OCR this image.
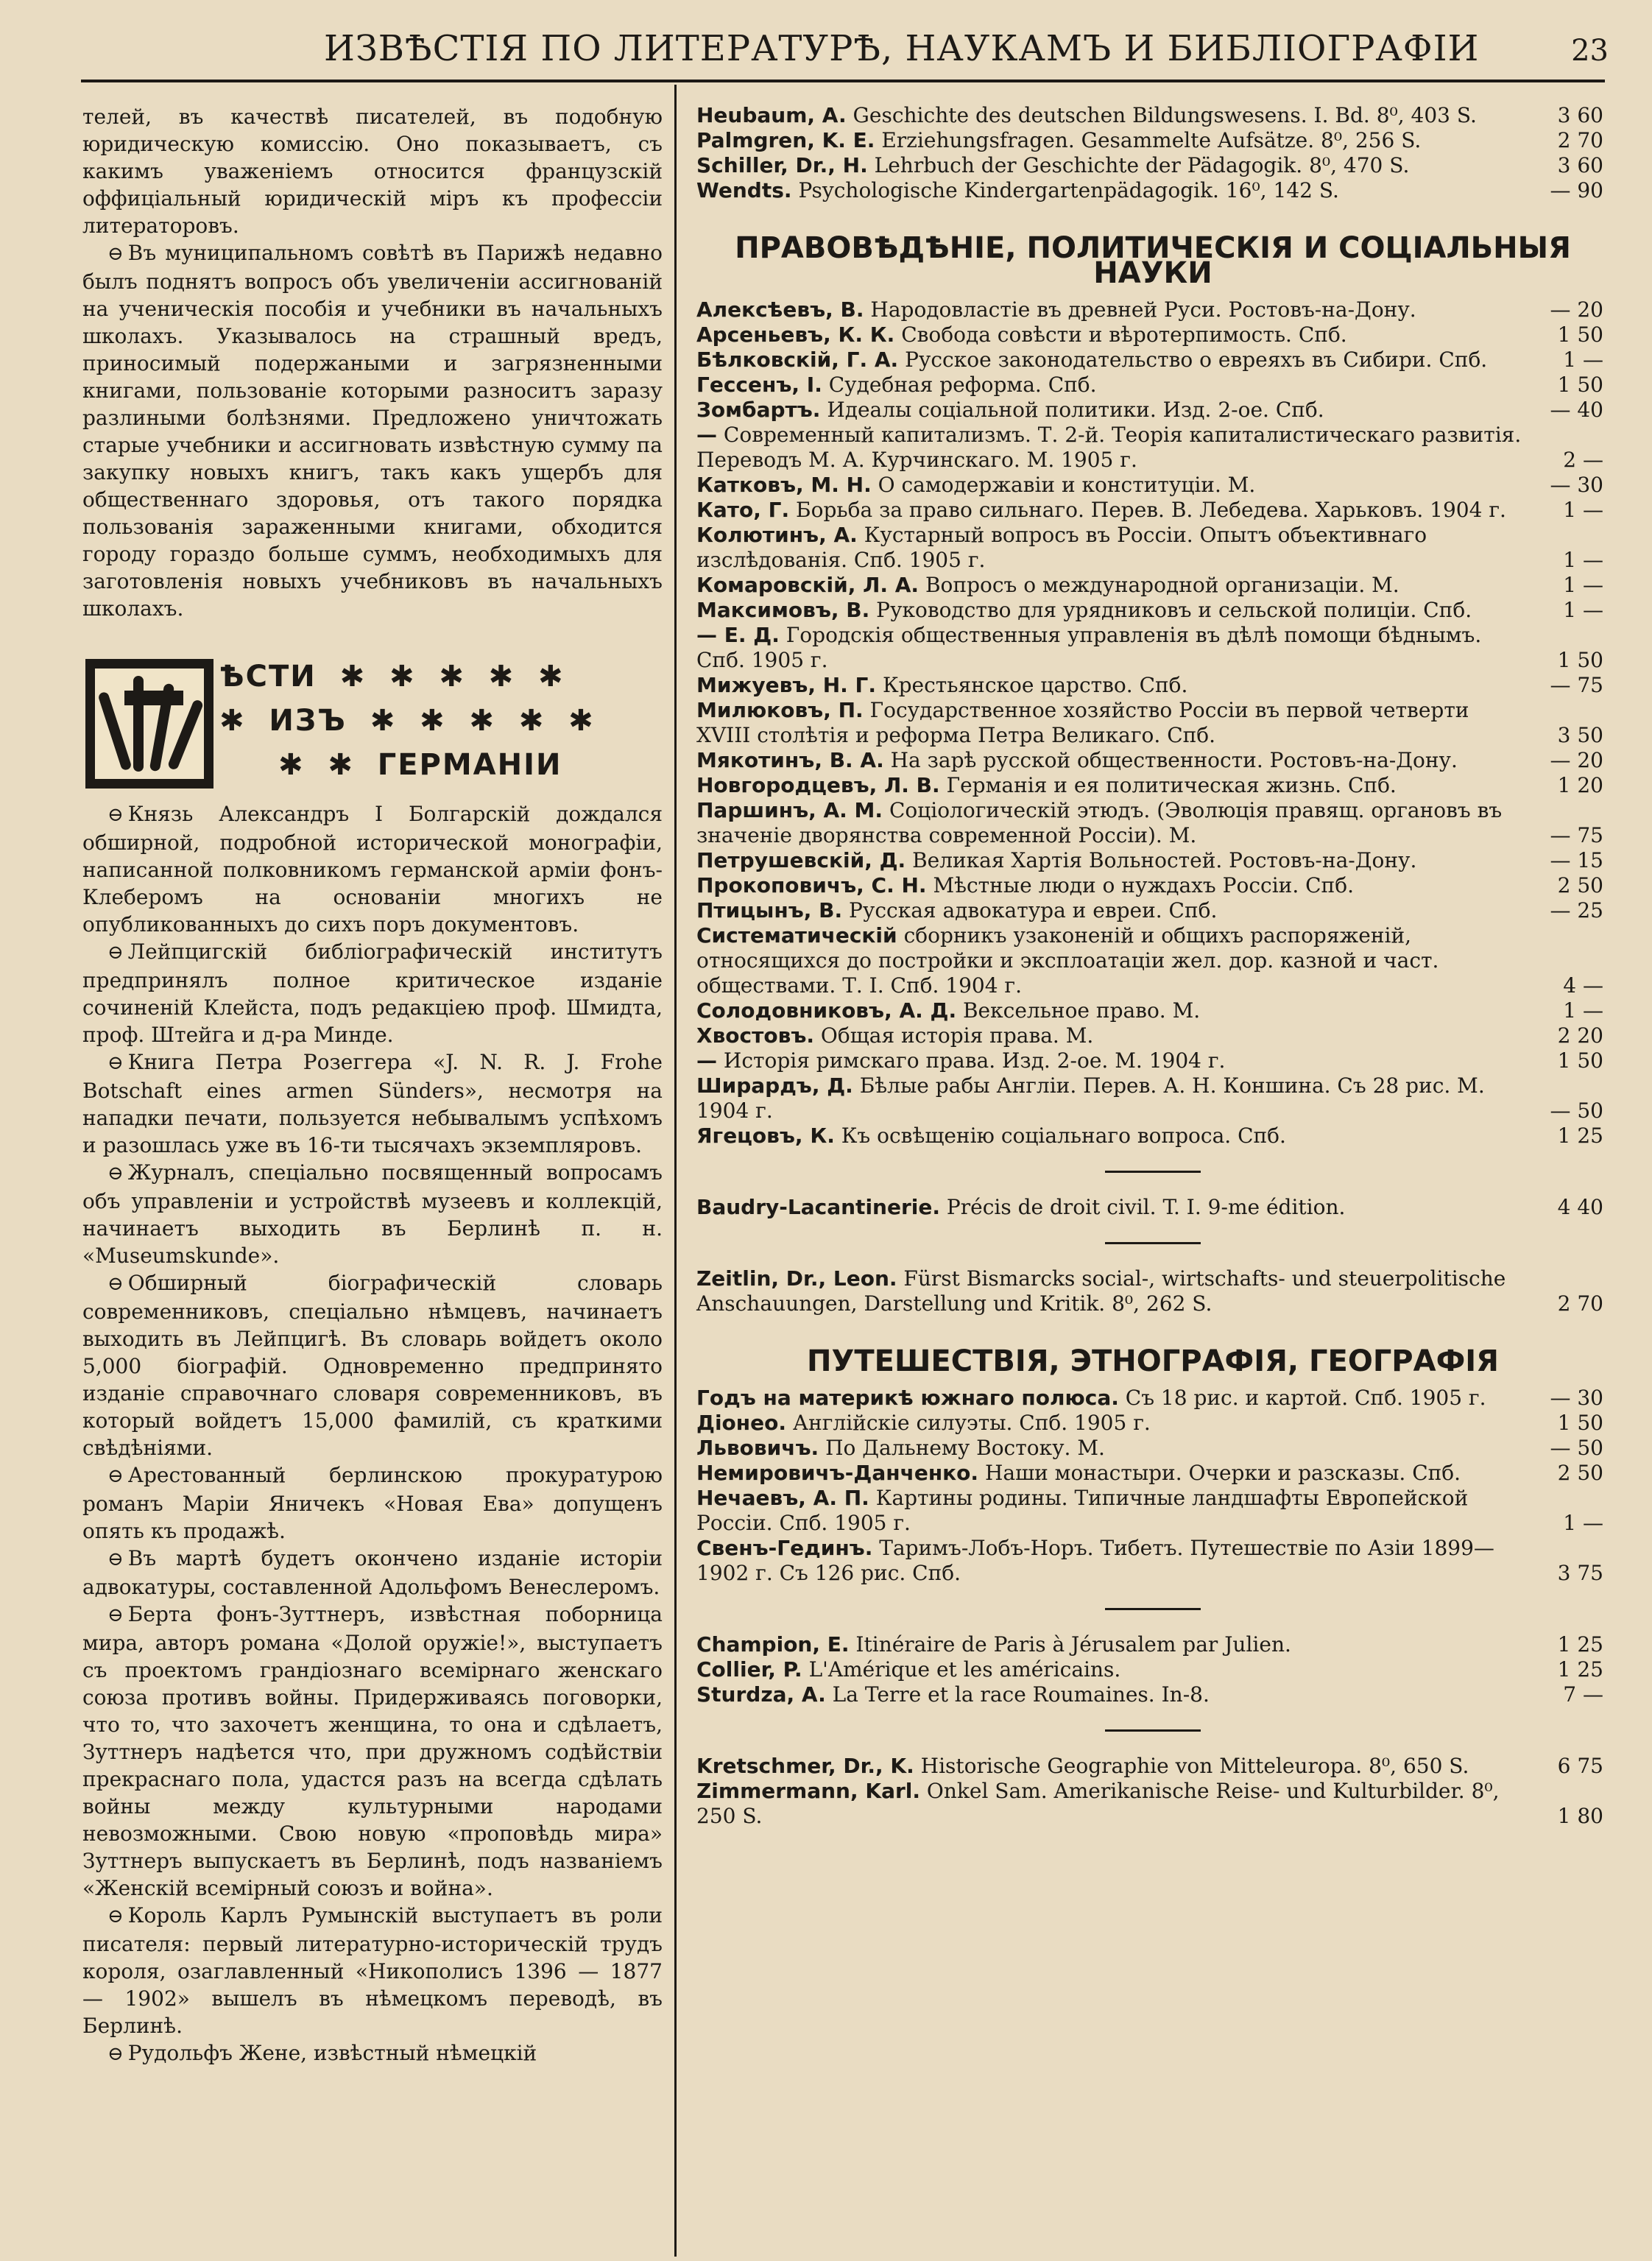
ИЗВѢСТІЯ ПО ЛИТЕРАТУРѢ, НАУКАМЪ И БИБЛІОГРАФІИ	23

телей, въ качествѣ писателей, въ подобную юридическую комиссію. Оно показываетъ, съ какимъ уваженіемъ относится французскій оффиціальный юридическій міръ къ профессіи литераторовъ.

⊖ Въ муниципальномъ совѣтѣ въ Парижѣ недавно былъ поднятъ вопросъ объ увеличеніи ассигнованій на ученическія пособія и учебники въ начальныхъ школахъ. Указывалось на страшный вредъ, приносимый подержаными и загрязненными книгами, пользованіе которыми разноситъ заразу разлиными болѣзнями. Предложено уничтожать старые учебники и ассигновать извѣстную сумму па закупку новыхъ книгъ, такъ какъ ущербъ для общественнаго здоровья, отъ такого порядка пользованія зараженными книгами, обходится городу гораздо больше суммъ, необходимыхъ для заготовленія новыхъ учебниковъ въ начальныхъ школахъ.

ѢСТИ  ✱  ✱  ✱  ✱  ✱
✱  ИЗЪ  ✱  ✱  ✱  ✱  ✱
✱  ✱  ГЕРМАНІИ

⊖ Князь Александръ I Болгарскій дождался обширной, подробной исторической монографіи, написанной полковникомъ германской арміи фонъ-Клеберомъ на основаніи многихъ не опубликованныхъ до сихъ поръ документовъ.

⊖ Лейпцигскій библіографическій институтъ предпринялъ полное критическое изданіе сочиненій Клейста, подъ редакціею проф. Шмидта, проф. Штейга и д-ра Минде.

⊖ Книга Петра Розеггера «J. N. R. J. Frohe Botschaft eines armen Sünders», несмотря на нападки печати, пользуется небывалымъ успѣхомъ и разошлась уже въ 16-ти тысячахъ экземпляровъ.

⊖ Журналъ, спеціально посвященный вопросамъ объ управленіи и устройствѣ музеевъ и коллекцій, начинаетъ выходить въ Берлинѣ п. н. «Museumskunde».

⊖ Обширный біографическій словарь современниковъ, спеціально нѣмцевъ, начинаетъ выходить въ Лейпцигѣ. Въ словарь войдетъ около 5,000 біографій. Одновременно предпринято изданіе справочнаго словаря современниковъ, въ который войдетъ 15,000 фамилій, съ краткими свѣдѣніями.

⊖ Арестованный берлинскою прокуратурою романъ Маріи Яничекъ «Новая Ева» допущенъ опять къ продажѣ.

⊖ Въ мартѣ будетъ окончено изданіе исторіи адвокатуры, составленной Адольфомъ Венеслеромъ.

⊖ Берта фонъ-Зуттнеръ, извѣстная поборница мира, авторъ романа «Долой оружіе!», выступаетъ съ проектомъ грандіознаго всемірнаго женскаго союза противъ войны. Придерживаясь поговорки, что то, что захочетъ женщина, то она и сдѣлаетъ, Зуттнеръ надѣется что, при дружномъ содѣйствіи прекраснаго пола, удастся разъ на всегда сдѣлать войны между культурными народами невозможными. Свою новую «проповѣдь мира» Зуттнеръ выпускаетъ въ Берлинѣ, подъ названіемъ «Женскій всемірный союзъ и война».

⊖ Король Карлъ Румынскій выступаетъ въ роли писателя: первый литературно-историческій трудъ короля, озаглавленный «Никополисъ 1396 — 1877 — 1902» вышелъ въ нѣмецкомъ переводѣ, въ Берлинѣ.

⊖ Рудольфъ Жене, извѣстный нѣмецкій

Heubaum, A. Geschichte des deutschen Bildungswesens. I. Bd. 8⁰, 403 S.	3 60
Palmgren, K. E. Erziehungsfragen. Gesammelte Aufsätze. 8⁰, 256 S.	2 70
Schiller, Dr., H. Lehrbuch der Geschichte der Pädagogik. 8⁰, 470 S.	3 60
Wendts. Psychologische Kindergartenpädagogik. 16⁰, 142 S.	— 90
ПРАВОВѢДѢНІЕ, ПОЛИТИЧЕСКІЯ И СОЦІАЛЬНЫЯ НАУКИ
Алексѣевъ, В. Народовластіе въ древней Руси. Ростовъ-на-Дону.	— 20
Арсеньевъ, К. К. Свобода совѣсти и вѣротерпимость. Спб.	1 50
Бѣлковскій, Г. А. Русское законодательство о евреяхъ въ Сибири. Спб.	1 —
Гессенъ, І. Судебная реформа. Спб.	1 50
Зомбартъ. Идеалы соціальной политики. Изд. 2-ое. Спб.	— 40
— Современный капитализмъ. Т. 2-й. Теорія капиталистическаго развитія. Переводъ М. А. Курчинскаго. М. 1905 г.	2 —
Катковъ, М. Н. О самодержавіи и конституціи. М.	— 30
Като, Г. Борьба за право сильнаго. Перев. В. Лебедева. Харьковъ. 1904 г.	1 —
Колютинъ, А. Кустарный вопросъ въ Россіи. Опытъ объективнаго изслѣдованія. Спб. 1905 г.	1 —
Комаровскій, Л. А. Вопросъ о международной организаціи. М.	1 —
Максимовъ, В. Руководство для урядниковъ и сельской полиціи. Спб.	1 —
— Е. Д. Городскія общественныя управленія въ дѣлѣ помощи бѣднымъ. Спб. 1905 г.	1 50
Мижуевъ, Н. Г. Крестьянское царство. Спб.	— 75
Милюковъ, П. Государственное хозяйство Россіи въ первой четверти XVIII столѣтія и реформа Петра Великаго. Спб.	3 50
Мякотинъ, В. А. На зарѣ русской общественности. Ростовъ-на-Дону.	— 20
Новгородцевъ, Л. В. Германія и ея политическая жизнь. Спб.	1 20
Паршинъ, А. М. Соціологическій этюдъ. (Эволюція правящ. органовъ въ значеніе дворянства современной Россіи). М.	— 75
Петрушевскій, Д. Великая Хартія Вольностей. Ростовъ-на-Дону.	— 15
Прокоповичъ, С. Н. Мѣстные люди о нуждахъ Россіи. Спб.	2 50
Птицынъ, В. Русская адвокатура и евреи. Спб.	— 25
Систематическій сборникъ узаконеній и общихъ распоряженій, относящихся до постройки и эксплоатаціи жел. дор. казной и част. обществами. Т. I. Спб. 1904 г.	4 —
Солодовниковъ, А. Д. Вексельное право. М.	1 —
Хвостовъ. Общая исторія права. М.	2 20
— Исторія римскаго права. Изд. 2-ое. М. 1904 г.	1 50
Ширардъ, Д. Бѣлые рабы Англіи. Перев. А. Н. Коншина. Съ 28 рис. М. 1904 г.	— 50
Ягецовъ, К. Къ освѣщенію соціальнаго вопроса. Спб.	1 25
Baudry-Lacantinerie. Précis de droit civil. T. I. 9-me édition.	4 40
Zeitlin, Dr., Leon. Fürst Bismarcks social-, wirtschafts- und steuerpolitische Anschauungen, Darstellung und Kritik. 8⁰, 262 S.	2 70
ПУТЕШЕСТВІЯ, ЭТНОГРАФІЯ, ГЕОГРАФІЯ
Годъ на материкѣ южнаго полюса. Съ 18 рис. и картой. Спб. 1905 г.	— 30
Діонео. Англійскіе силуэты. Спб. 1905 г.	1 50
Львовичъ. По Дальнему Востоку. М.	— 50
Немировичъ-Данченко. Наши монастыри. Очерки и разсказы. Спб.	2 50
Нечаевъ, А. П. Картины родины. Типичные ландшафты Европейской Россіи. Спб. 1905 г.	1 —
Свенъ-Гединъ. Таримъ-Лобъ-Норъ. Тибетъ. Путешествіе по Азіи 1899—1902 г. Съ 126 рис. Спб.	3 75
Champion, E. Itinéraire de Paris à Jérusalem par Julien.	1 25
Collier, P. L'Amérique et les américains.	1 25
Sturdza, A. La Terre et la race Roumaines. In-8.	7 —
Kretschmer, Dr., K. Historische Geographie von Mitteleuropa. 8⁰, 650 S.	6 75
Zimmermann, Karl. Onkel Sam. Amerikanische Reise- und Kulturbilder. 8⁰, 250 S.	1 80
